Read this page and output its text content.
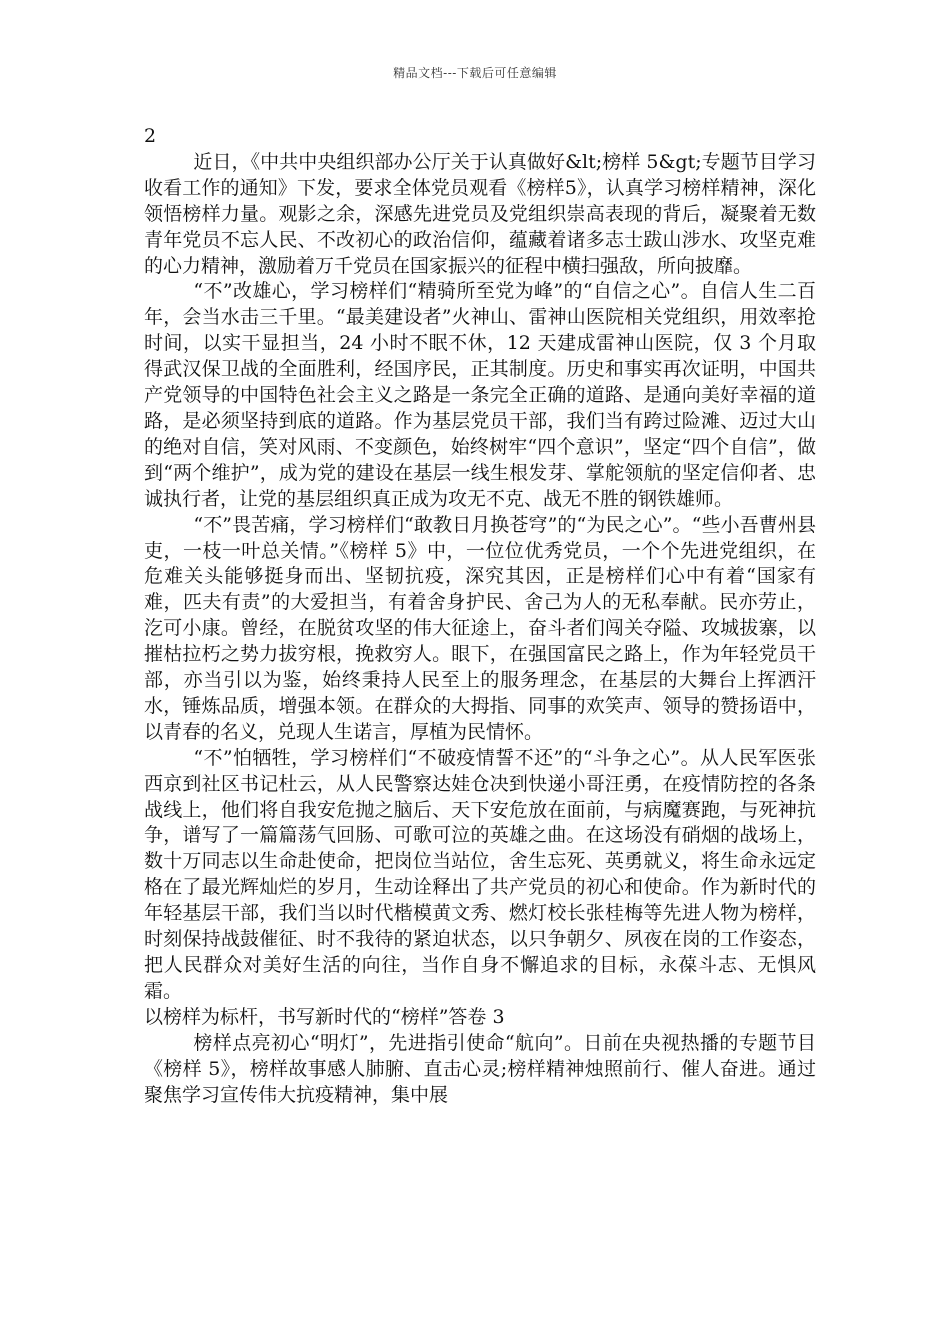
精品文档---下载后可任意编辑

2

近日，《中共中央组织部办公厅关于认真做好&lt;榜样 5&gt;专题节目学习收看工作的通知》下发，要求全体党员观看《榜样5》，认真学习榜样精神，深化领悟榜样力量。观影之余，深感先进党员及党组织崇高表现的背后，凝聚着无数青年党员不忘人民、不改初心的政治信仰，蕴藏着诸多志士跋山涉水、攻坚克难的心力精神，激励着万千党员在国家振兴的征程中横扫强敌，所向披靡。

“不”改雄心，学习榜样们“精骑所至党为峰”的“自信之心”。自信人生二百年，会当水击三千里。“最美建设者”火神山、雷神山医院相关党组织，用效率抢时间，以实干显担当，24 小时不眠不休，12 天建成雷神山医院，仅 3 个月取得武汉保卫战的全面胜利，经国序民，正其制度。历史和事实再次证明，中国共产党领导的中国特色社会主义之路是一条完全正确的道路、是通向美好幸福的道路，是必须坚持到底的道路。作为基层党员干部，我们当有跨过险滩、迈过大山的绝对自信，笑对风雨、不变颜色，始终树牢“四个意识”，坚定“四个自信”，做到“两个维护”，成为党的建设在基层一线生根发芽、掌舵领航的坚定信仰者、忠诚执行者，让党的基层组织真正成为攻无不克、战无不胜的钢铁雄师。

“不”畏苦痛，学习榜样们“敢教日月换苍穹”的“为民之心”。“些小吾曹州县吏，一枝一叶总关情。”《榜样 5》中，一位位优秀党员，一个个先进党组织，在危难关头能够挺身而出、坚韧抗疫，深究其因，正是榜样们心中有着“国家有难，匹夫有责”的大爱担当，有着舍身护民、舍己为人的无私奉献。民亦劳止，汔可小康。曾经，在脱贫攻坚的伟大征途上，奋斗者们闯关夺隘、攻城拔寨，以摧枯拉朽之势力拔穷根，挽救穷人。眼下，在强国富民之路上，作为年轻党员干部，亦当引以为鉴，始终秉持人民至上的服务理念，在基层的大舞台上挥洒汗水，锤炼品质，增强本领。在群众的大拇指、同事的欢笑声、领导的赞扬语中，以青春的名义，兑现人生诺言，厚植为民情怀。

“不”怕牺牲，学习榜样们“不破疫情誓不还”的“斗争之心”。从人民军医张西京到社区书记杜云，从人民警察达娃仓决到快递小哥汪勇，在疫情防控的各条战线上，他们将自我安危抛之脑后、天下安危放在面前，与病魔赛跑，与死神抗争，谱写了一篇篇荡气回肠、可歌可泣的英雄之曲。在这场没有硝烟的战场上，数十万同志以生命赴使命，把岗位当站位，舍生忘死、英勇就义，将生命永远定格在了最光辉灿烂的岁月，生动诠释出了共产党员的初心和使命。作为新时代的年轻基层干部，我们当以时代楷模黄文秀、燃灯校长张桂梅等先进人物为榜样，时刻保持战鼓催征、时不我待的紧迫状态，以只争朝夕、夙夜在岗的工作姿态，把人民群众对美好生活的向往，当作自身不懈追求的目标，永葆斗志、无惧风霜。

以榜样为标杆，书写新时代的“榜样”答卷 3

榜样点亮初心“明灯”，先进指引使命“航向”。日前在央视热播的专题节目《榜样 5》，榜样故事感人肺腑、直击心灵;榜样精神烛照前行、催人奋进。通过聚焦学习宣传伟大抗疫精神，集中展
